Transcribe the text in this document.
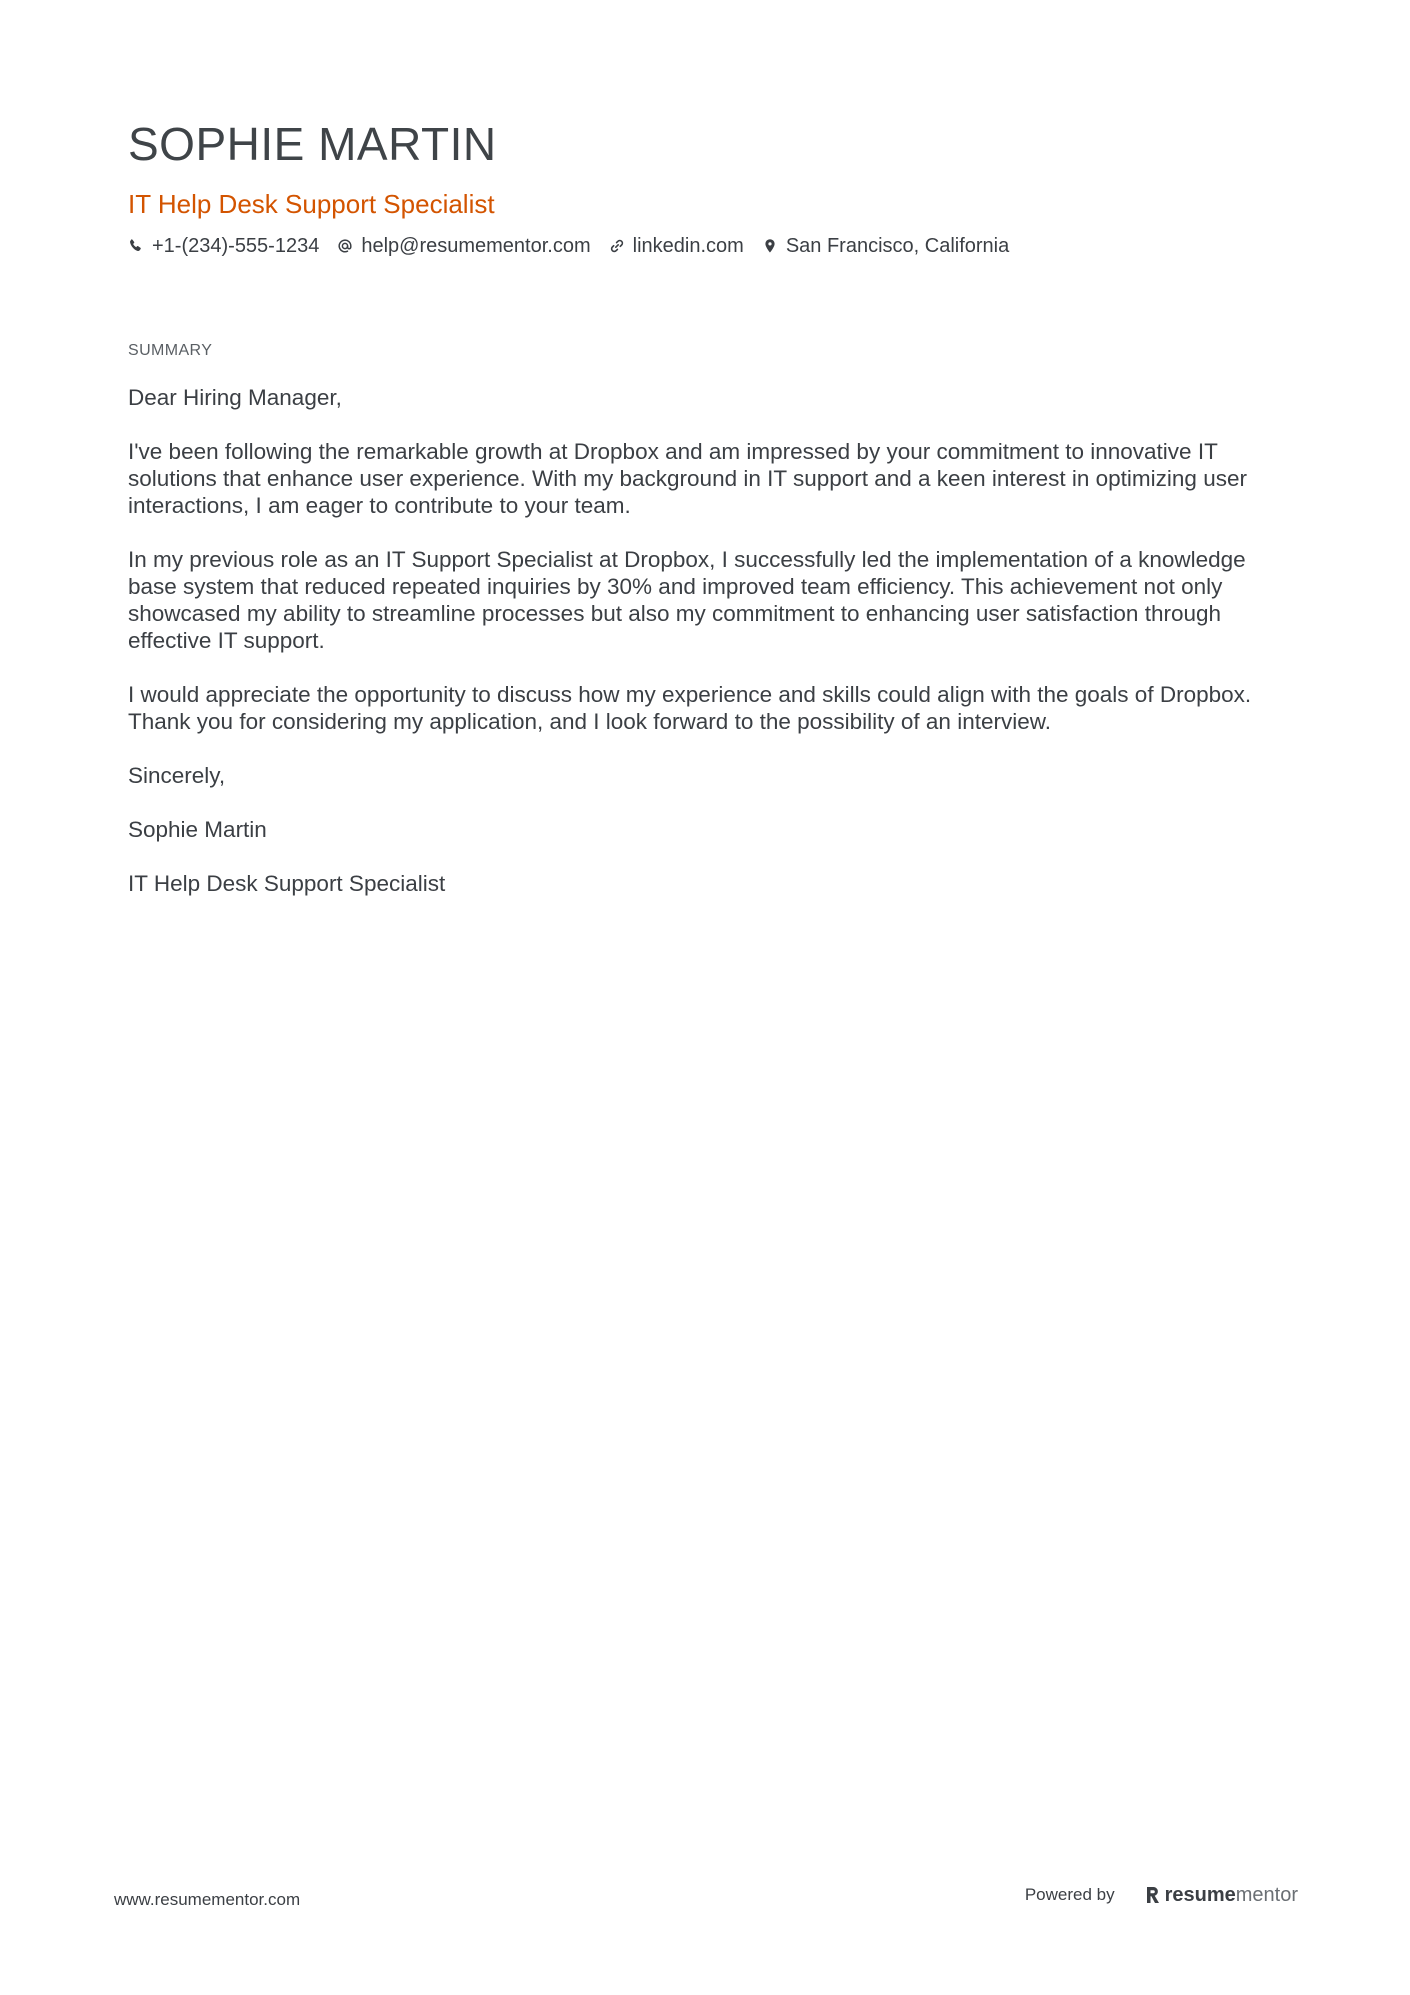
SOPHIE MARTIN
IT Help Desk Support Specialist
+1-(234)-555-1234 help@resumementor.com linkedin.com San Francisco, California
SUMMARY

Dear Hiring Manager,

I've been following the remarkable growth at Dropbox and am impressed by your commitment to innovative IT solutions that enhance user experience. With my background in IT support and a keen interest in optimizing user interactions, I am eager to contribute to your team.

In my previous role as an IT Support Specialist at Dropbox, I successfully led the implementation of a knowledge base system that reduced repeated inquiries by 30% and improved team efficiency. This achievement not only showcased my ability to streamline processes but also my commitment to enhancing user satisfaction through effective IT support.

I would appreciate the opportunity to discuss how my experience and skills could align with the goals of Dropbox. Thank you for considering my application, and I look forward to the possibility of an interview.

Sincerely,

Sophie Martin

IT Help Desk Support Specialist

www.resumementor.com	Powered by	resumementor
